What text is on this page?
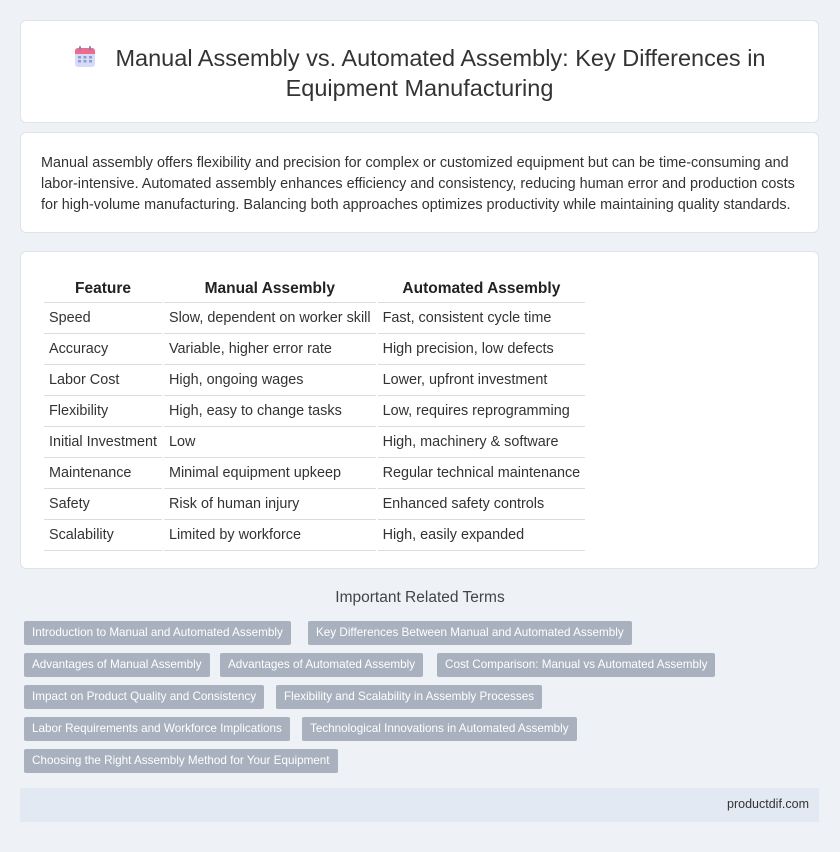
Manual Assembly vs. Automated Assembly: Key Differences in
Equipment Manufacturing

Manual assembly offers flexibility and precision for complex or customized equipment but can be time-consuming and labor-intensive. Automated assembly enhances efficiency and consistency, reducing human error and production costs for high-volume manufacturing. Balancing both approaches optimizes productivity while maintaining quality standards.

Feature	Manual Assembly	Automated Assembly
Speed	Slow, dependent on worker skill	Fast, consistent cycle time
Accuracy	Variable, higher error rate	High precision, low defects
Labor Cost	High, ongoing wages	Lower, upfront investment
Flexibility	High, easy to change tasks	Low, requires reprogramming
Initial Investment	Low	High, machinery & software
Maintenance	Minimal equipment upkeep	Regular technical maintenance
Safety	Risk of human injury	Enhanced safety controls
Scalability	Limited by workforce	High, easily expanded
Important Related Terms
Introduction to Manual and Automated Assembly	Key Differences Between Manual and Automated Assembly
Advantages of Manual Assembly	Advantages of Automated Assembly	Cost Comparison: Manual vs Automated Assembly
Impact on Product Quality and Consistency	Flexibility and Scalability in Assembly Processes
Labor Requirements and Workforce Implications	Technological Innovations in Automated Assembly
Choosing the Right Assembly Method for Your Equipment
productdif.com
